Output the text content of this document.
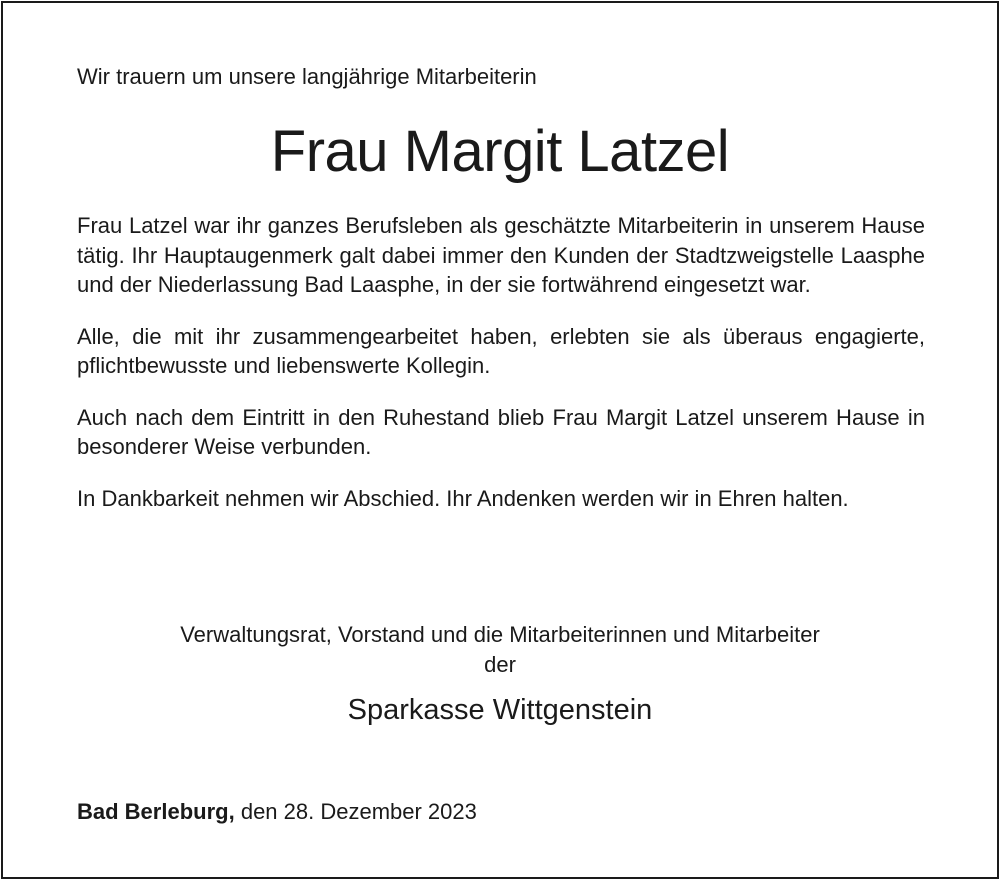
Wir trauern um unsere langjährige Mitarbeiterin
Frau Margit Latzel

Frau Latzel war ihr ganzes Berufsleben als geschätzte Mitarbeiterin in unserem Hause tätig. Ihr Hauptaugenmerk galt dabei immer den Kunden der Stadtzweigstelle Laasphe und der Niederlassung Bad Laasphe, in der sie fortwährend eingesetzt war.

Alle, die mit ihr zusammengearbeitet haben, erlebten sie als überaus engagierte, pflichtbewusste und liebenswerte Kollegin.

Auch nach dem Eintritt in den Ruhestand blieb Frau Margit Latzel unserem Hause in besonderer Weise verbunden.

In Dankbarkeit nehmen wir Abschied. Ihr Andenken werden wir in Ehren halten.

Verwaltungsrat, Vorstand und die Mitarbeiterinnen und Mitarbeiter
der
Sparkasse Wittgenstein
Bad Berleburg, den 28. Dezember 2023
